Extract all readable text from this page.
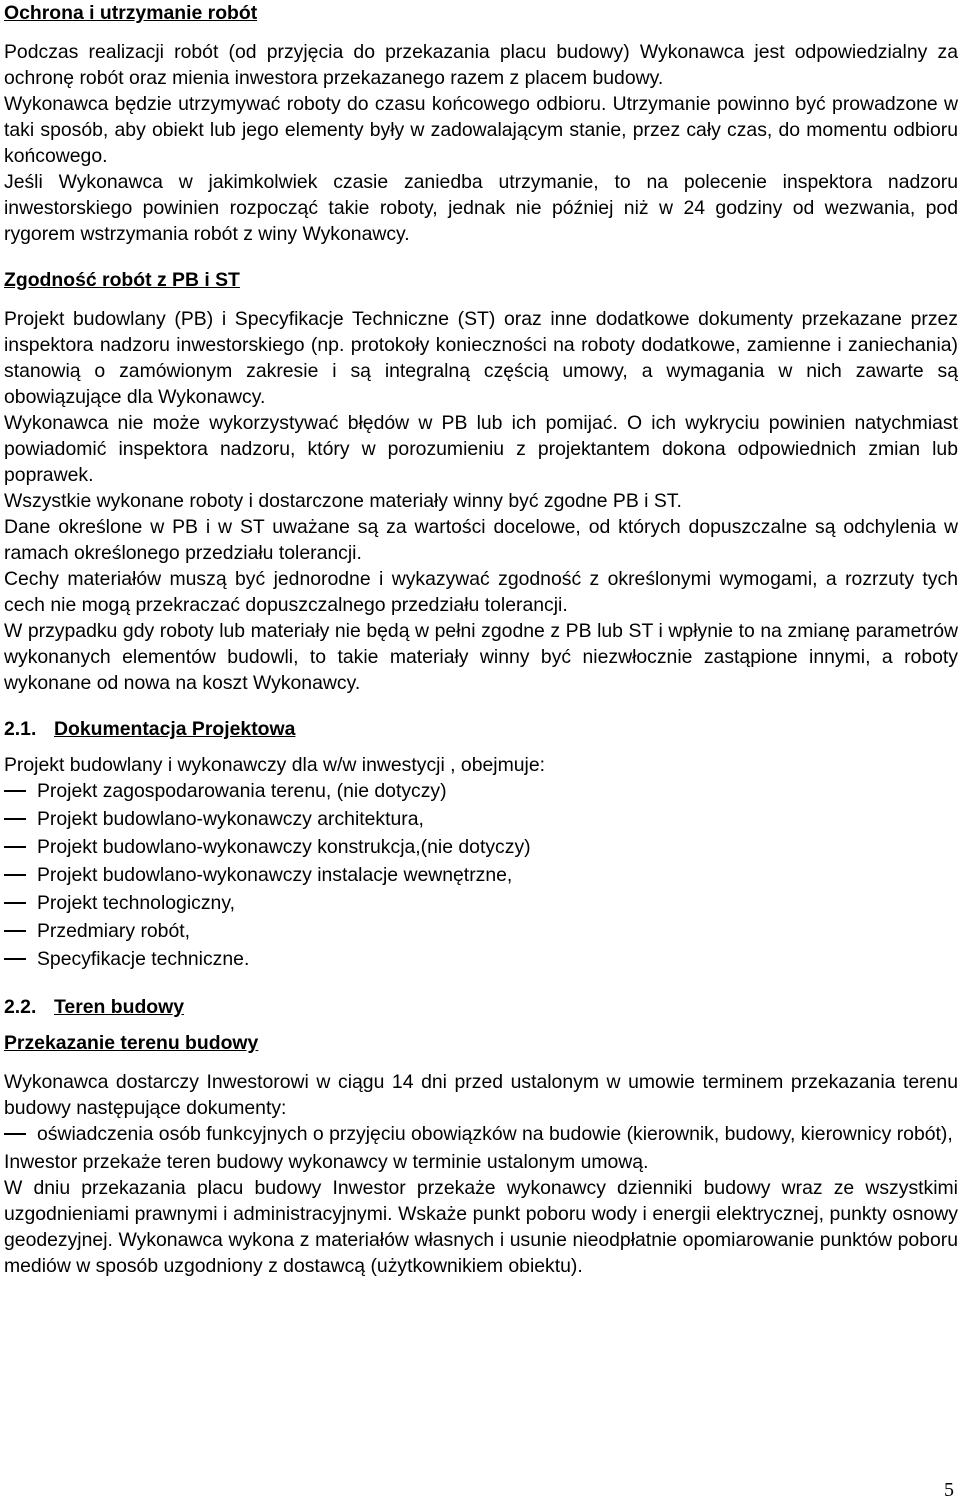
Ochrona i utrzymanie robót

Podczas realizacji robót (od przyjęcia do przekazania placu budowy) Wykonawca jest odpowiedzialny za ochronę robót oraz mienia inwestora przekazanego razem z placem budowy.

Wykonawca będzie utrzymywać roboty do czasu końcowego odbioru. Utrzymanie powinno być prowadzone w taki sposób, aby obiekt lub jego elementy były w zadowalającym stanie, przez cały czas, do momentu odbioru końcowego.

Jeśli Wykonawca w jakimkolwiek czasie zaniedba utrzymanie, to na polecenie inspektora nadzoru inwestorskiego powinien rozpocząć takie roboty, jednak nie później niż w 24 godziny od wezwania, pod rygorem wstrzymania robót z winy Wykonawcy.

Zgodność robót z PB i ST

Projekt budowlany (PB) i Specyfikacje Techniczne (ST) oraz inne dodatkowe dokumenty przekazane przez inspektora nadzoru inwestorskiego (np. protokoły konieczności na roboty dodatkowe, zamienne i zaniechania) stanowią o zamówionym zakresie i są integralną częścią umowy, a wymagania w nich zawarte są obowiązujące dla Wykonawcy.

Wykonawca nie może wykorzystywać błędów w PB lub ich pomijać. O ich wykryciu powinien natychmiast powiadomić inspektora nadzoru, który w porozumieniu z projektantem dokona odpowiednich zmian lub poprawek.

Wszystkie wykonane roboty i dostarczone materiały winny być zgodne PB i ST.

Dane określone w PB i w ST uważane są za wartości docelowe, od których dopuszczalne są odchylenia w ramach określonego przedziału tolerancji.

Cechy materiałów muszą być jednorodne i wykazywać zgodność z określonymi wymogami, a rozrzuty tych cech nie mogą przekraczać dopuszczalnego przedziału tolerancji.

W przypadku gdy roboty lub materiały nie będą w pełni zgodne z PB lub ST i wpłynie to na zmianę parametrów wykonanych elementów budowli, to takie materiały winny być niezwłocznie zastąpione innymi, a roboty wykonane od nowa na koszt Wykonawcy.

2.1. Dokumentacja Projektowa

Projekt budowlany i wykonawczy dla w/w inwestycji , obejmuje:

Projekt zagospodarowania terenu, (nie dotyczy)
Projekt budowlano-wykonawczy architektura,
Projekt budowlano-wykonawczy konstrukcja,(nie dotyczy)
Projekt budowlano-wykonawczy instalacje wewnętrzne,
Projekt technologiczny,
Przedmiary robót,
Specyfikacje techniczne.

2.2. Teren budowy

Przekazanie terenu budowy

Wykonawca dostarczy Inwestorowi w ciągu 14 dni przed ustalonym w umowie terminem przekazania terenu budowy następujące dokumenty:

oświadczenia osób funkcyjnych o przyjęciu obowiązków na budowie (kierownik, budowy, kierownicy robót),

Inwestor przekaże teren budowy wykonawcy w terminie ustalonym umową.

W dniu przekazania placu budowy Inwestor przekaże wykonawcy dzienniki budowy wraz ze wszystkimi uzgodnieniami prawnymi i administracyjnymi. Wskaże punkt poboru wody i energii elektrycznej, punkty osnowy geodezyjnej. Wykonawca wykona z materiałów własnych i usunie nieodpłatnie opomiarowanie punktów poboru mediów w sposób uzgodniony z dostawcą (użytkownikiem obiektu).

5
